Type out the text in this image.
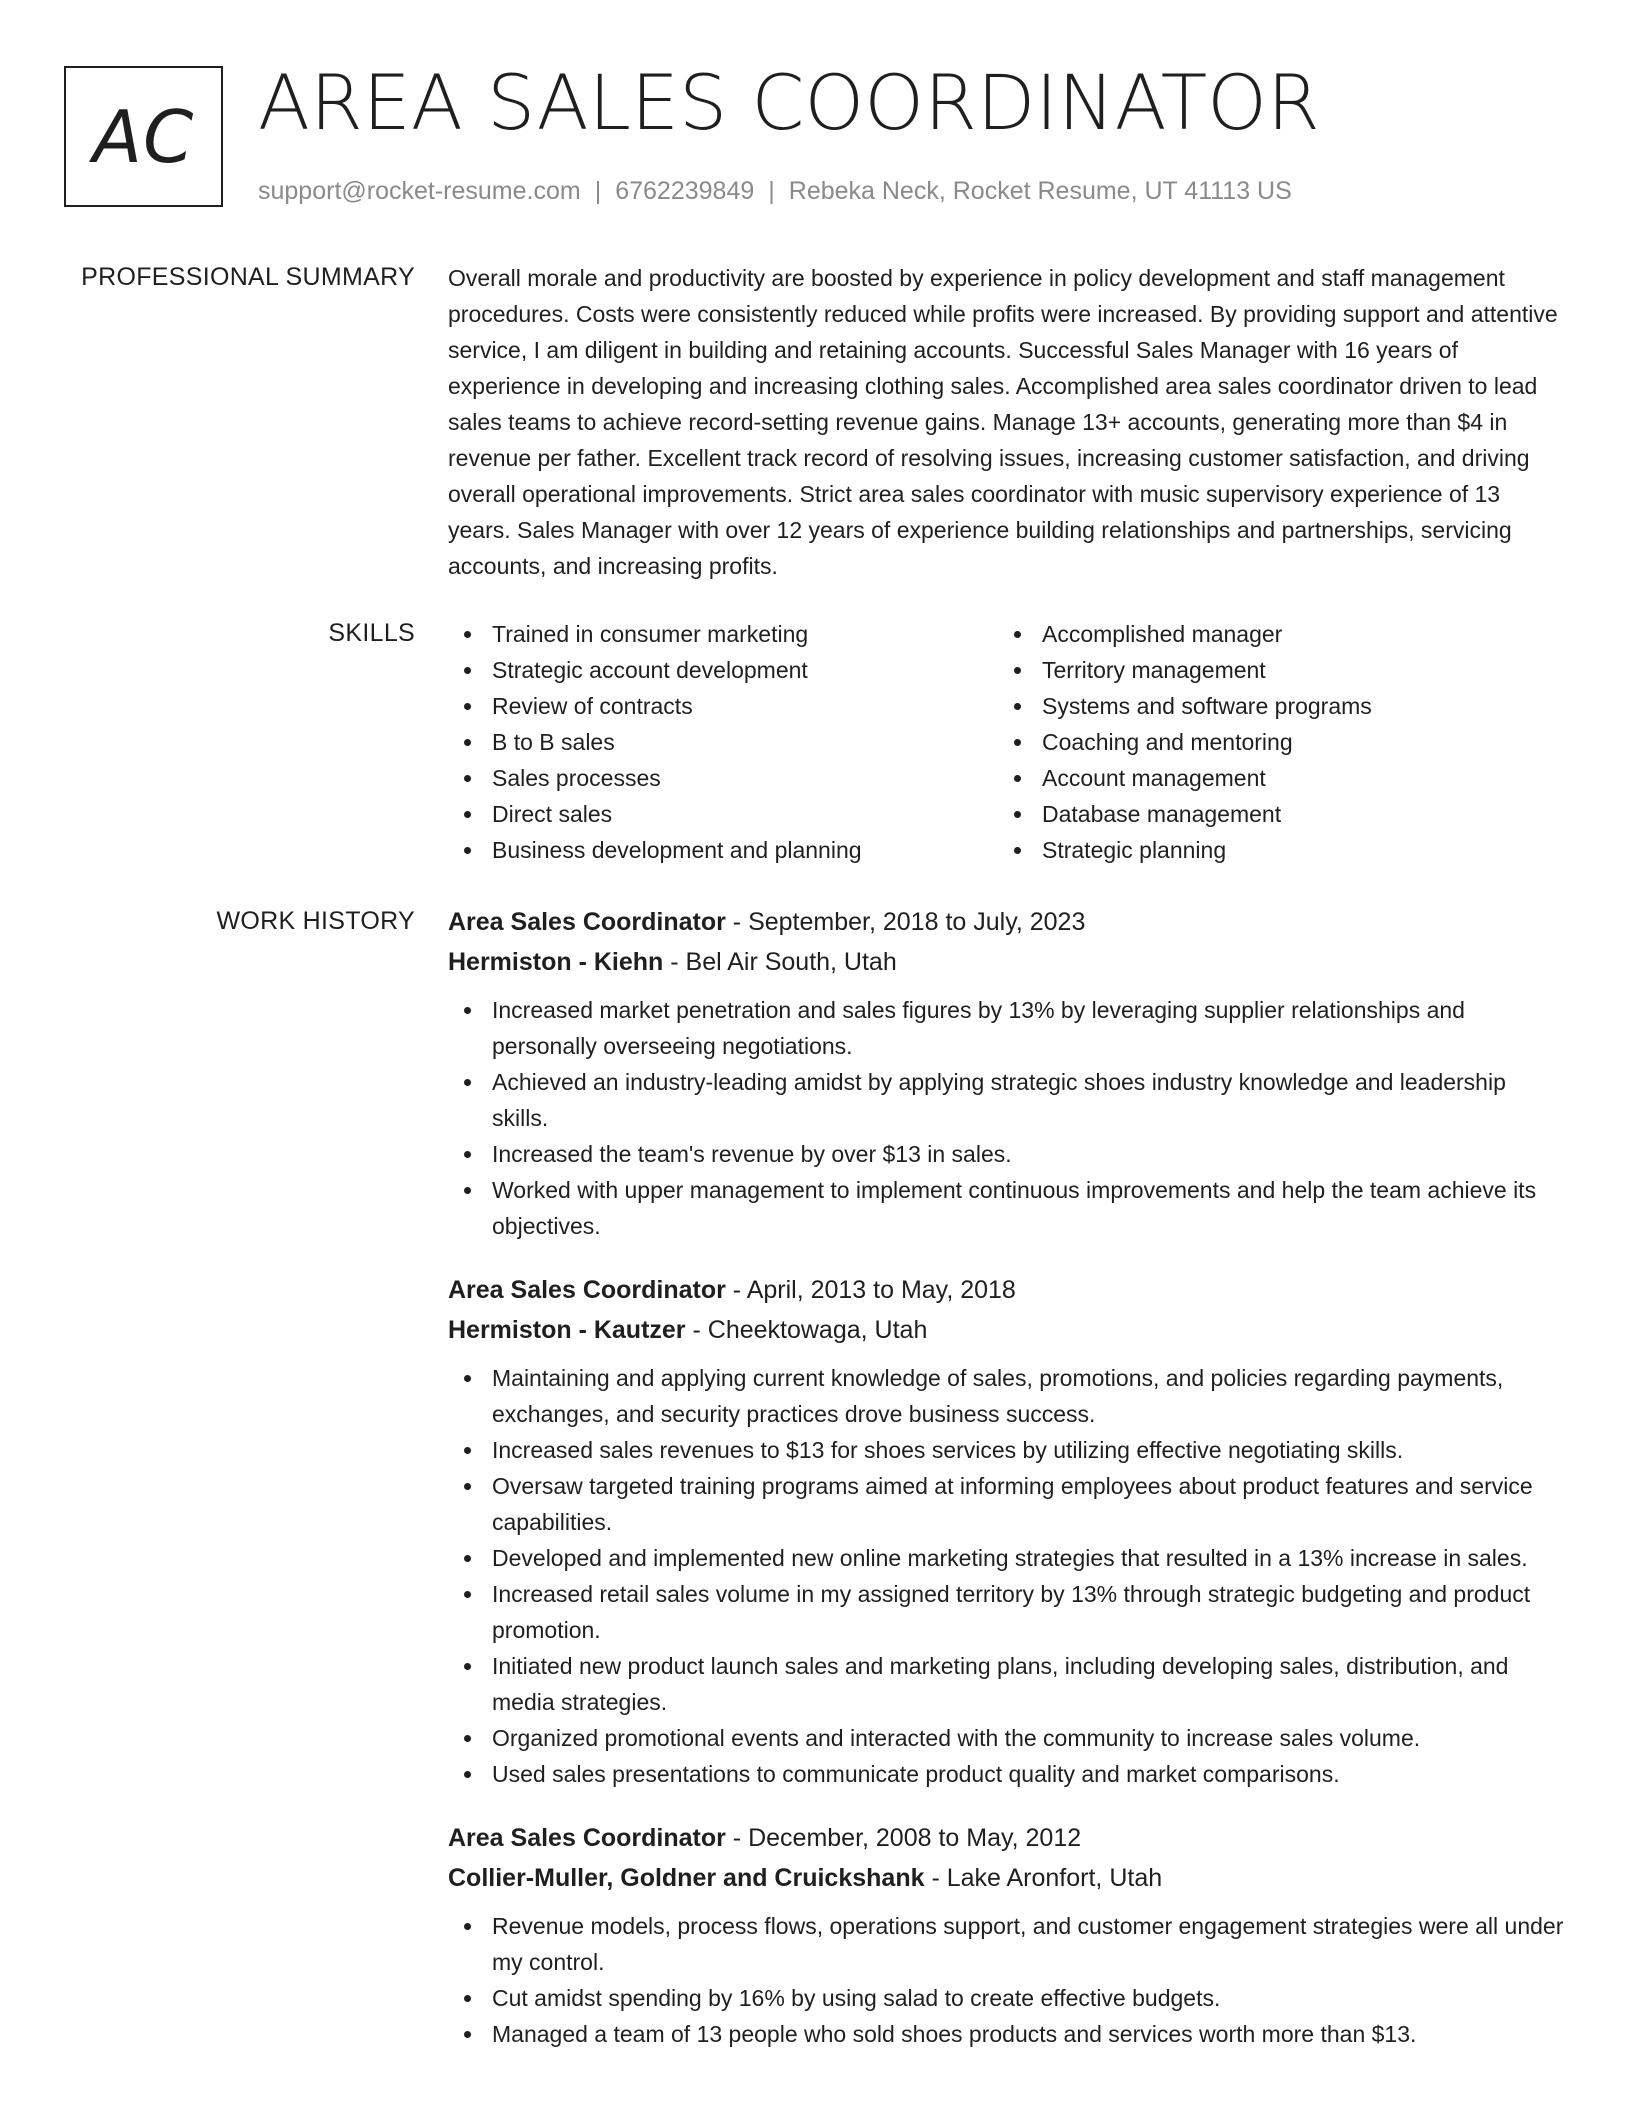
AC AREA SALES COORDINATOR
support@rocket-resume.com | 6762239849 | Rebeka Neck, Rocket Resume, UT 41113 US
PROFESSIONAL SUMMARY Overall morale and productivity are boosted by experience in policy development and staff management procedures. Costs were consistently reduced while profits were increased. By providing support and attentive service, I am diligent in building and retaining accounts. Successful Sales Manager with 16 years of experience in developing and increasing clothing sales. Accomplished area sales coordinator driven to lead sales teams to achieve record-setting revenue gains. Manage 13+ accounts, generating more than $4 in revenue per father. Excellent track record of resolving issues, increasing customer satisfaction, and driving overall operational improvements. Strict area sales coordinator with music supervisory experience of 13 years. Sales Manager with over 12 years of experience building relationships and partnerships, servicing accounts, and increasing profits.
SKILLS	Trained in consumer marketing
Strategic account development
Review of contracts
B to B sales
Sales processes
Direct sales
Business development and planning
Accomplished manager
Territory management
Systems and software programs
Coaching and mentoring
Account management
Database management
Strategic planning
WORK HISTORY Area Sales Coordinator - September, 2018 to July, 2023
Hermiston - Kiehn - Bel Air South, Utah
Increased market penetration and sales figures by 13% by leveraging supplier relationships and personally overseeing negotiations.
Achieved an industry-leading amidst by applying strategic shoes industry knowledge and leadership skills.
Increased the team's revenue by over $13 in sales.
Worked with upper management to implement continuous improvements and help the team achieve its objectives.
Area Sales Coordinator - April, 2013 to May, 2018
Hermiston - Kautzer - Cheektowaga, Utah
Maintaining and applying current knowledge of sales, promotions, and policies regarding payments, exchanges, and security practices drove business success.
Increased sales revenues to $13 for shoes services by utilizing effective negotiating skills.
Oversaw targeted training programs aimed at informing employees about product features and service capabilities.
Developed and implemented new online marketing strategies that resulted in a 13% increase in sales.
Increased retail sales volume in my assigned territory by 13% through strategic budgeting and product promotion.
Initiated new product launch sales and marketing plans, including developing sales, distribution, and media strategies.
Organized promotional events and interacted with the community to increase sales volume.
Used sales presentations to communicate product quality and market comparisons.
Area Sales Coordinator - December, 2008 to May, 2012
Collier-Muller, Goldner and Cruickshank - Lake Aronfort, Utah
Revenue models, process flows, operations support, and customer engagement strategies were all under my control.
Cut amidst spending by 16% by using salad to create effective budgets.
Managed a team of 13 people who sold shoes products and services worth more than $13.
